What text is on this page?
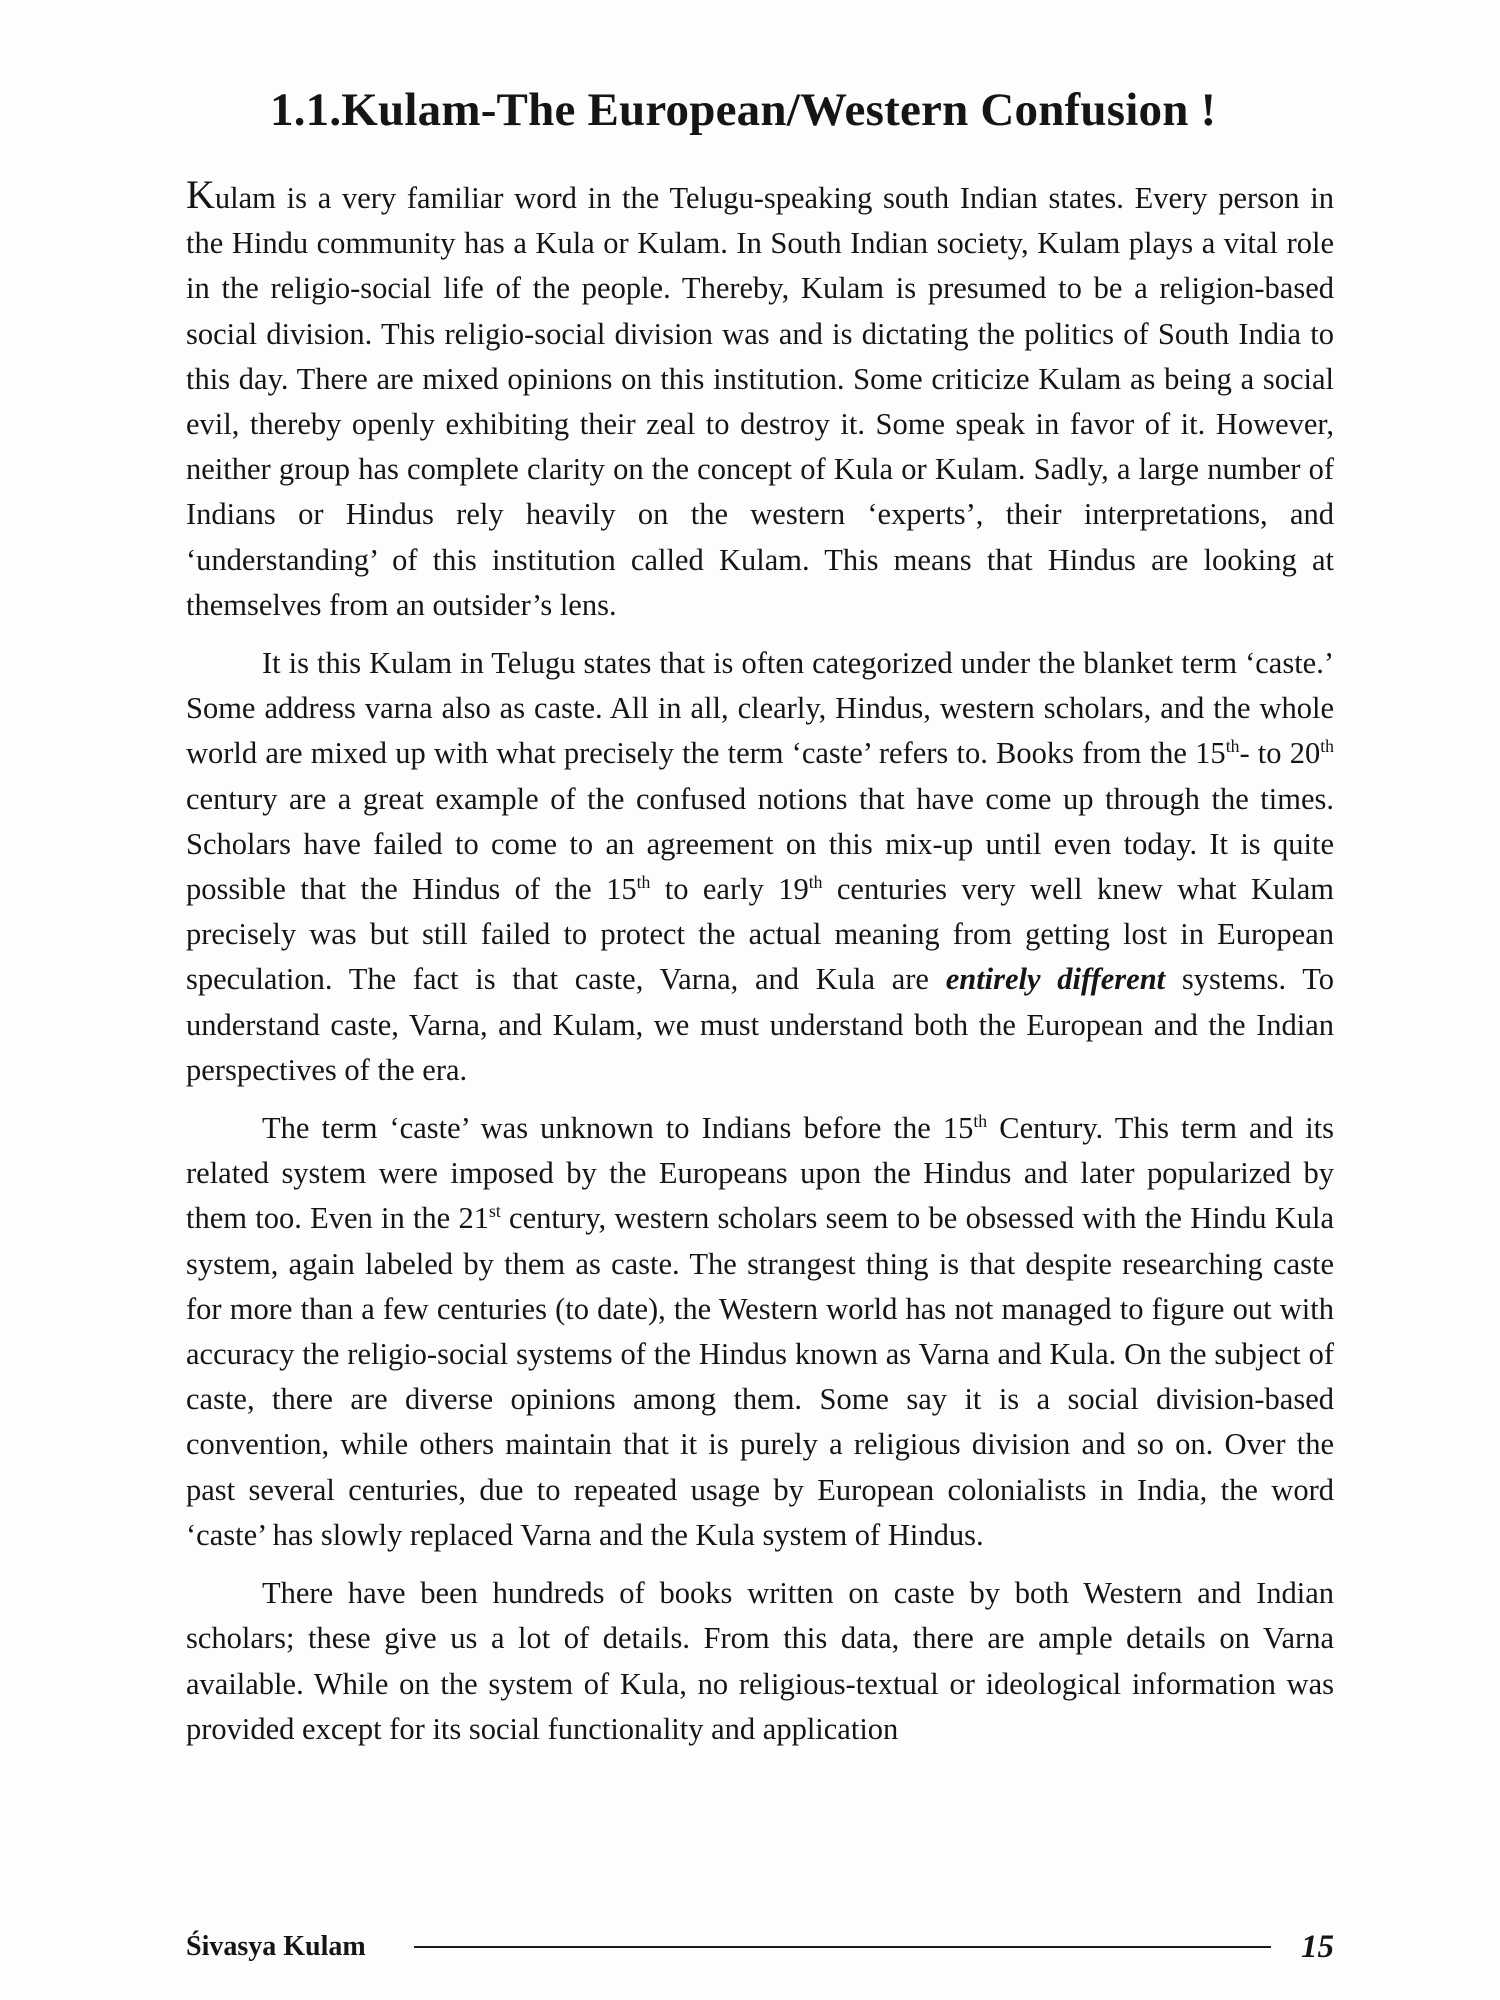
1.1.Kulam-The European/Western Confusion !

Kulam is a very familiar word in the Telugu-speaking south Indian states. Every person in the Hindu community has a Kula or Kulam. In South Indian society, Kulam plays a vital role in the religio-social life of the people. Thereby, Kulam is presumed to be a religion-based social division. This religio-social division was and is dictating the politics of South India to this day. There are mixed opinions on this institution. Some criticize Kulam as being a social evil, thereby openly exhibiting their zeal to destroy it. Some speak in favor of it. However, neither group has complete clarity on the concept of Kula or Kulam. Sadly, a large number of Indians or Hindus rely heavily on the western ‘experts’, their interpretations, and ‘understanding’ of this institution called Kulam. This means that Hindus are looking at themselves from an outsider’s lens.

It is this Kulam in Telugu states that is often categorized under the blanket term ‘caste.’ Some address varna also as caste. All in all, clearly, Hindus, western scholars, and the whole world are mixed up with what precisely the term ‘caste’ refers to. Books from the 15th- to 20th century are a great example of the confused notions that have come up through the times. Scholars have failed to come to an agreement on this mix-up until even today. It is quite possible that the Hindus of the 15th to early 19th centuries very well knew what Kulam precisely was but still failed to protect the actual meaning from getting lost in European speculation. The fact is that caste, Varna, and Kula are entirely different systems. To understand caste, Varna, and Kulam, we must understand both the European and the Indian perspectives of the era.

The term ‘caste’ was unknown to Indians before the 15th Century. This term and its related system were imposed by the Europeans upon the Hindus and later popularized by them too. Even in the 21st century, western scholars seem to be obsessed with the Hindu Kula system, again labeled by them as caste. The strangest thing is that despite researching caste for more than a few centuries (to date), the Western world has not managed to figure out with accuracy the religio-social systems of the Hindus known as Varna and Kula. On the subject of caste, there are diverse opinions among them. Some say it is a social division-based convention, while others maintain that it is purely a religious division and so on. Over the past several centuries, due to repeated usage by European colonialists in India, the word ‘caste’ has slowly replaced Varna and the Kula system of Hindus.

There have been hundreds of books written on caste by both Western and Indian scholars; these give us a lot of details. From this data, there are ample details on Varna available. While on the system of Kula, no religious-textual or ideological information was provided except for its social functionality and application

Śivasya Kulam	15
